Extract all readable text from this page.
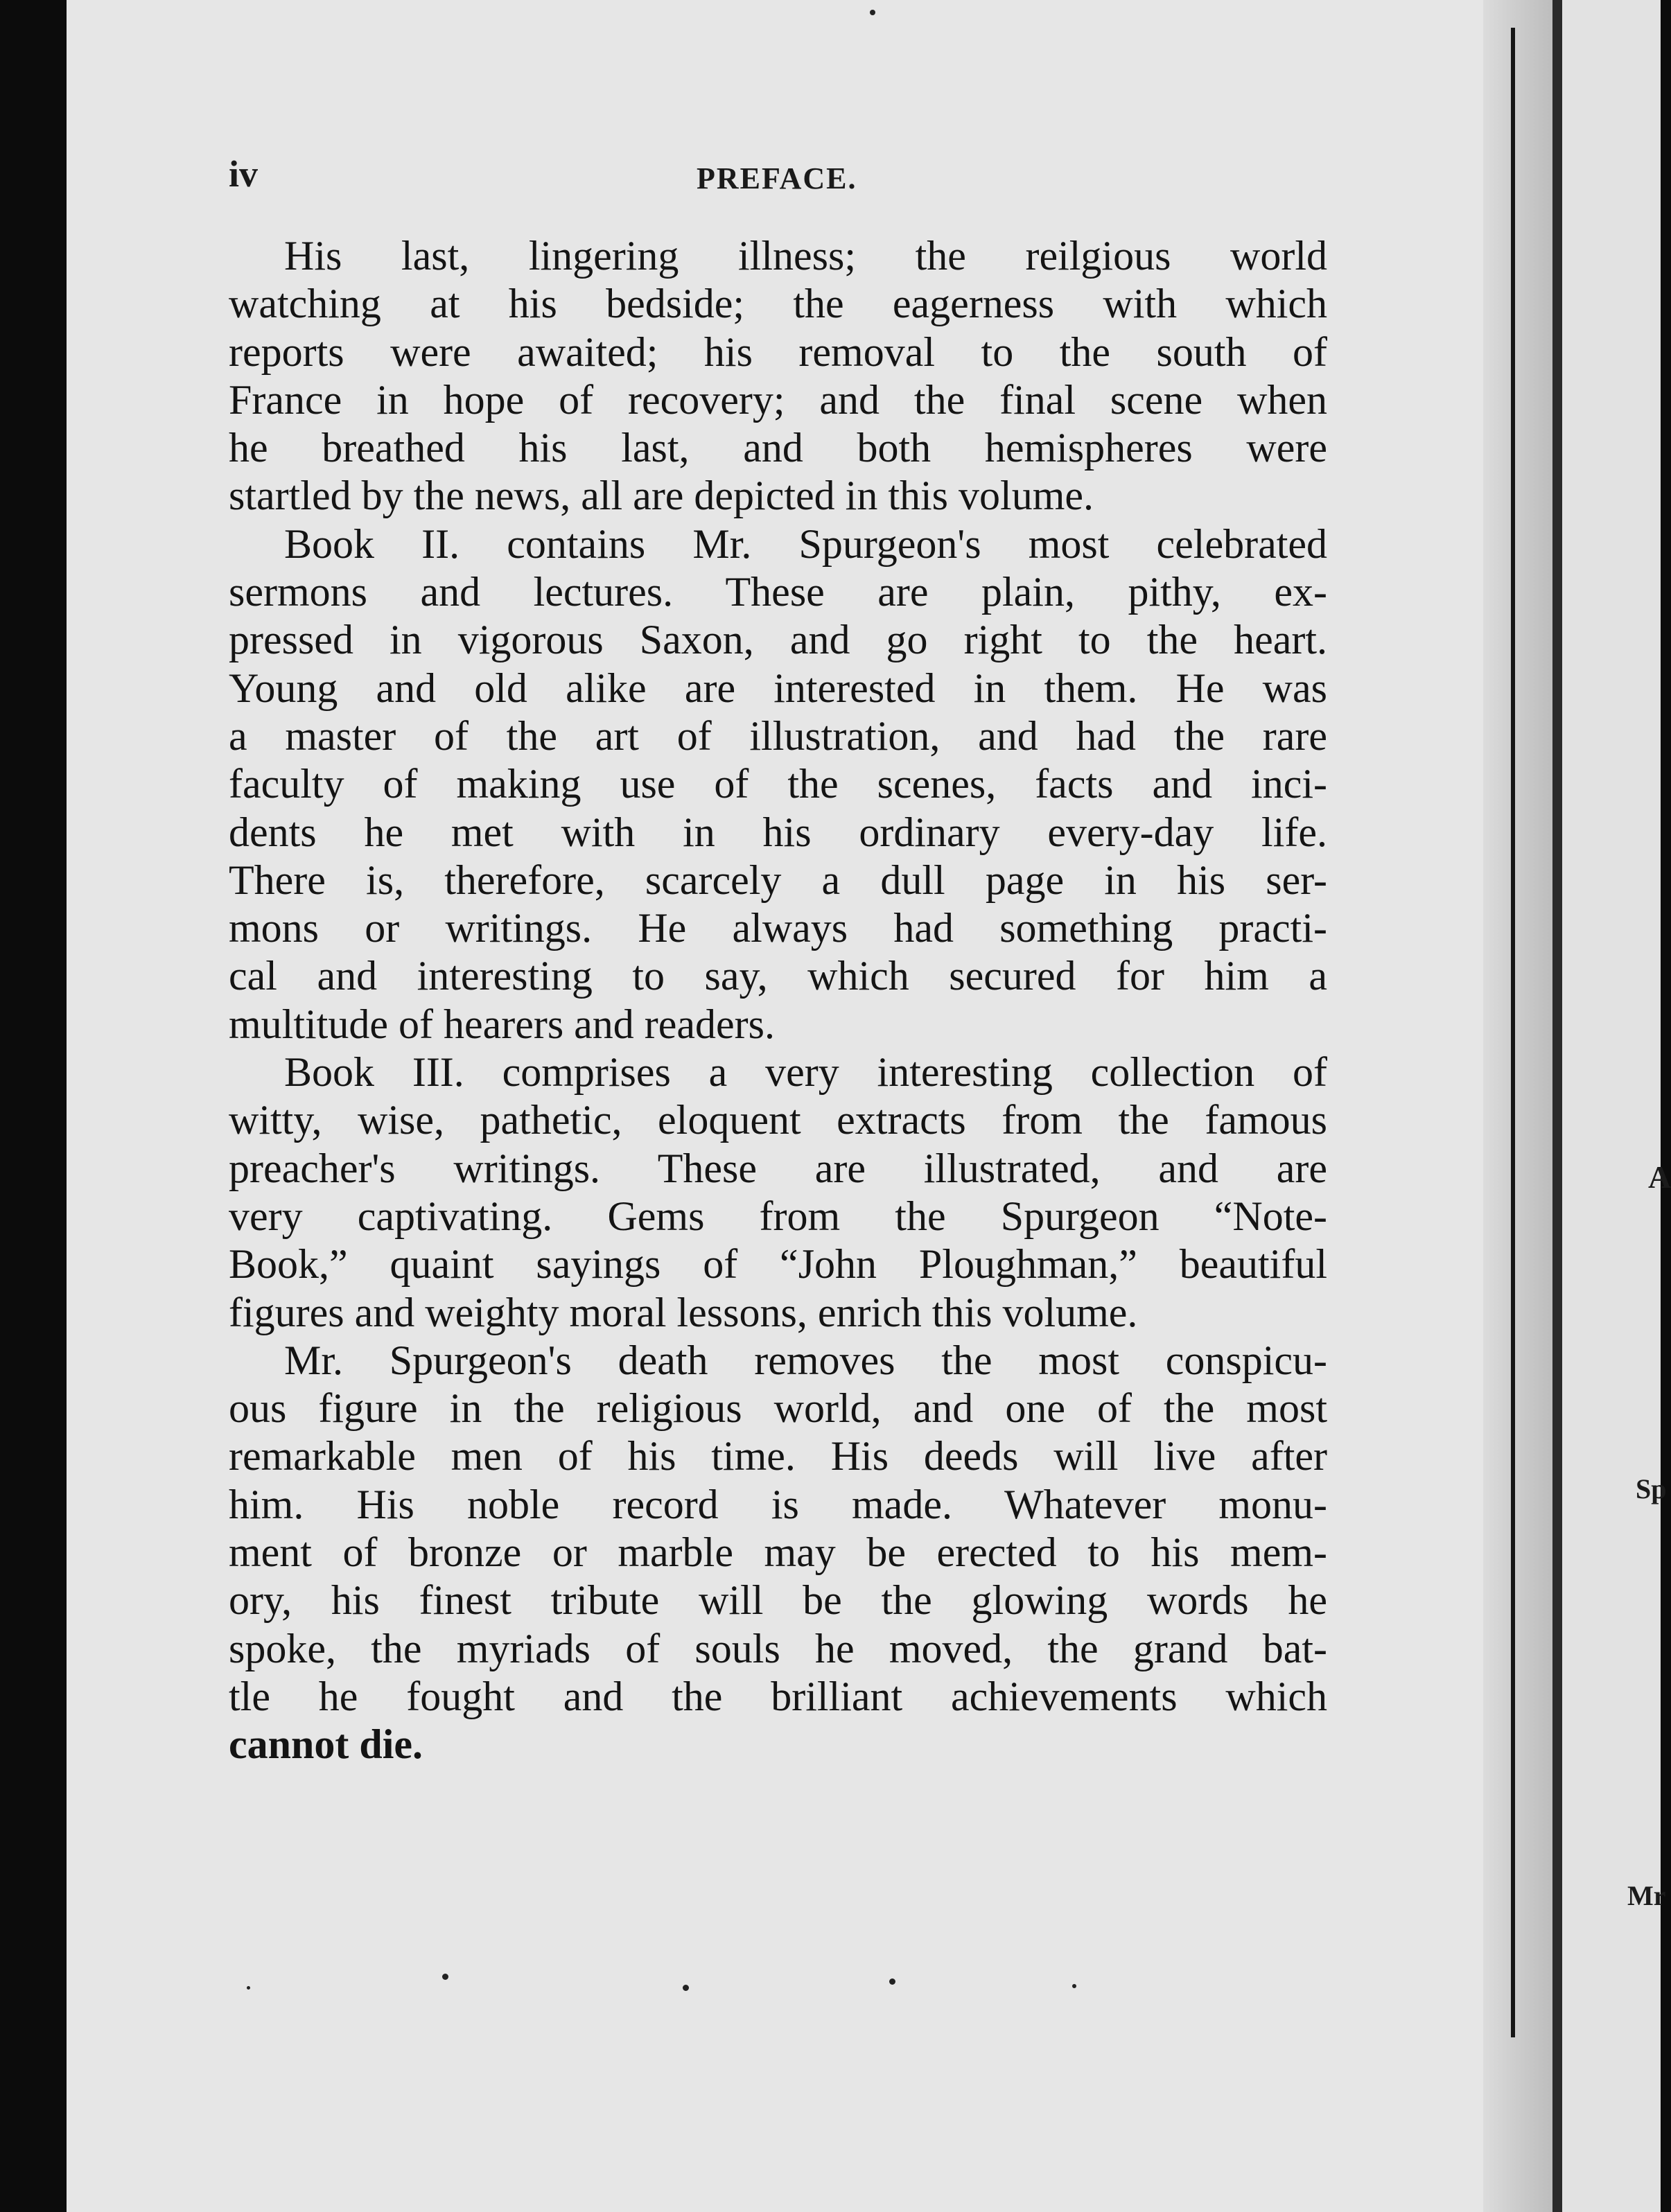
A
Sp
Mr
iv	PREFACE.
His last, lingering illness; the reilgious world
watching at his bedside; the eagerness with which
reports were awaited; his removal to the south of
France in hope of recovery; and the final scene when
he breathed his last, and both hemispheres were
startled by the news, all are depicted in this volume.
Book II. contains Mr. Spurgeon's most celebrated
sermons and lectures. These are plain, pithy, ex-
pressed in vigorous Saxon, and go right to the heart.
Young and old alike are interested in them. He was
a master of the art of illustration, and had the rare
faculty of making use of the scenes, facts and inci-
dents he met with in his ordinary every-day life.
There is, therefore, scarcely a dull page in his ser-
mons or writings. He always had something practi-
cal and interesting to say, which secured for him a
multitude of hearers and readers.
Book III. comprises a very interesting collection of
witty, wise, pathetic, eloquent extracts from the famous
preacher's writings. These are illustrated, and are
very captivating. Gems from the Spurgeon “Note-
Book,” quaint sayings of “John Ploughman,” beautiful
figures and weighty moral lessons, enrich this volume.
Mr. Spurgeon's death removes the most conspicu-
ous figure in the religious world, and one of the most
remarkable men of his time. His deeds will live after
him. His noble record is made. Whatever monu-
ment of bronze or marble may be erected to his mem-
ory, his finest tribute will be the glowing words he
spoke, the myriads of souls he moved, the grand bat-
tle he fought and the brilliant achievements which
cannot die.
